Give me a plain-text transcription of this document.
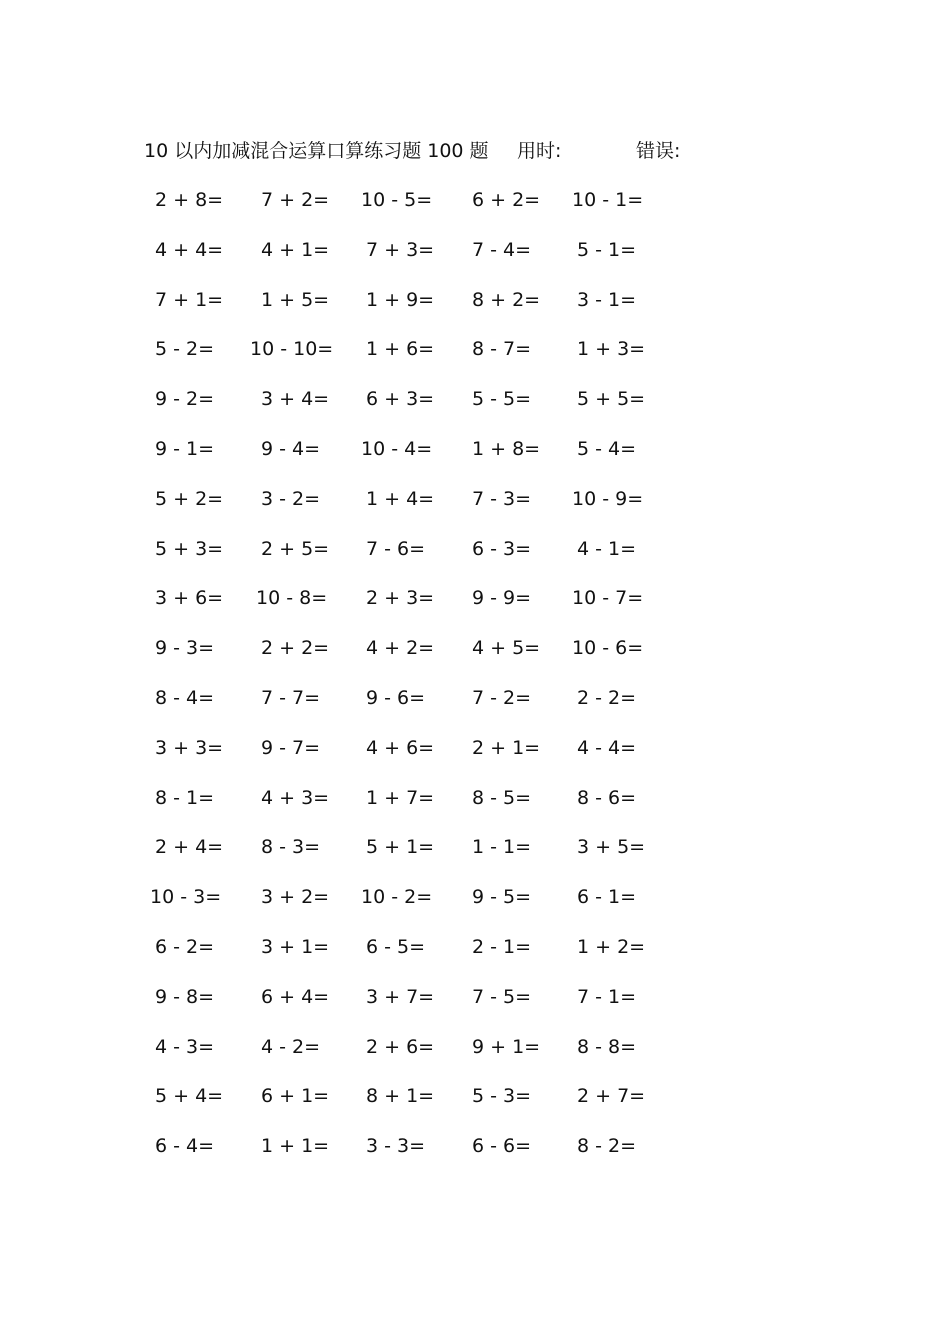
10 以内加减混合运算口算练习题 100 题 用时:	错误:
2 + 8=	7 + 2=	10 - 5=	6 + 2=	10 - 1=
4 + 4=	4 + 1=	7 + 3=	7 - 4=	5 - 1=
7 + 1=	1 + 5=	1 + 9=	8 + 2=	3 - 1=
5 - 2=	10 - 10=	1 + 6=	8 - 7=	1 + 3=
9 - 2=	3 + 4=	6 + 3=	5 - 5=	5 + 5=
9 - 1=	9 - 4=	10 - 4=	1 + 8=	5 - 4=
5 + 2=	3 - 2=	1 + 4=	7 - 3=	10 - 9=
5 + 3=	2 + 5=	7 - 6=	6 - 3=	4 - 1=
3 + 6=	10 - 8=	2 + 3=	9 - 9=	10 - 7=
9 - 3=	2 + 2=	4 + 2=	4 + 5=	10 - 6=
8 - 4=	7 - 7=	9 - 6=	7 - 2=	2 - 2=
3 + 3=	9 - 7=	4 + 6=	2 + 1=	4 - 4=
8 - 1=	4 + 3=	1 + 7=	8 - 5=	8 - 6=
2 + 4=	8 - 3=	5 + 1=	1 - 1=	3 + 5=
10 - 3=	3 + 2=	10 - 2=	9 - 5=	6 - 1=
6 - 2=	3 + 1=	6 - 5=	2 - 1=	1 + 2=
9 - 8=	6 + 4=	3 + 7=	7 - 5=	7 - 1=
4 - 3=	4 - 2=	2 + 6=	9 + 1=	8 - 8=
5 + 4=	6 + 1=	8 + 1=	5 - 3=	2 + 7=
6 - 4=	1 + 1=	3 - 3=	6 - 6=	8 - 2=
